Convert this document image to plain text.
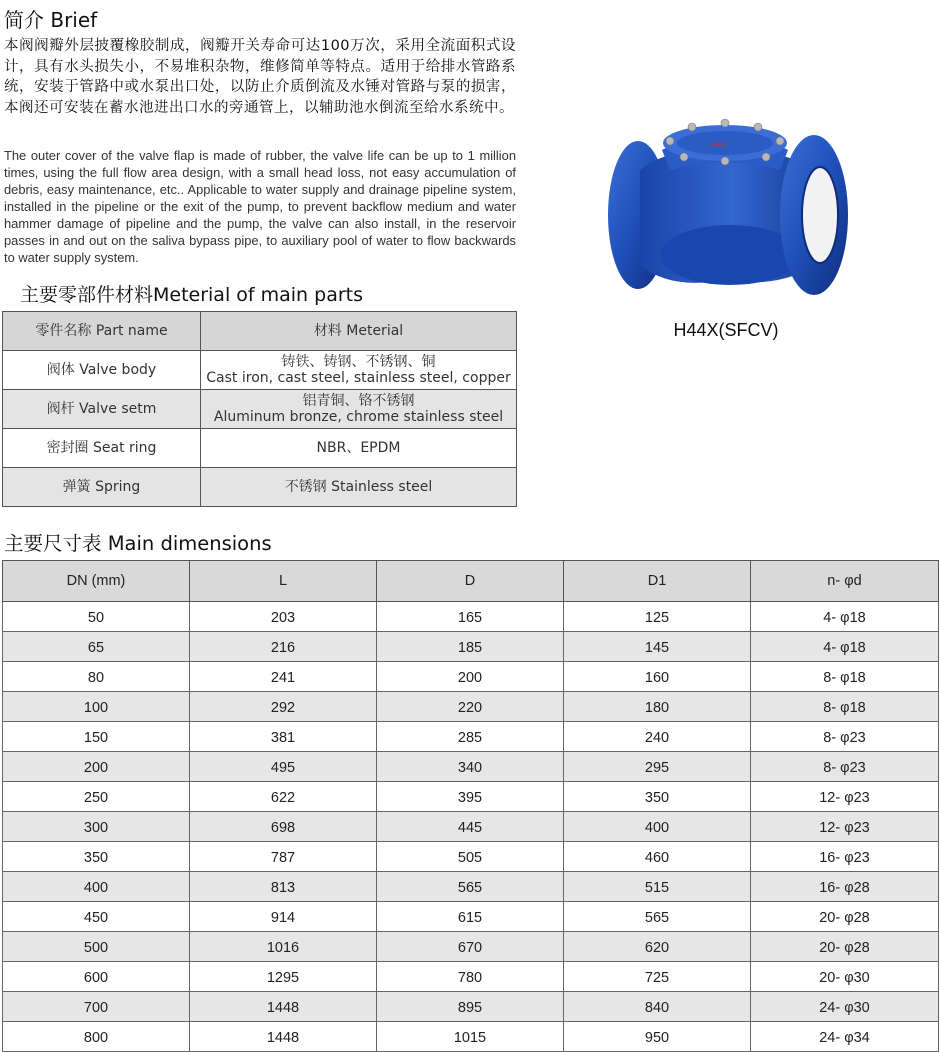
简介 Brief
本阀阀瓣外层披覆橡胶制成，阀瓣开关寿命可达100万次，采用全流面积式设计，具有水头损失小，不易堆积杂物，维修简单等特点。适用于给排水管路系统，安装于管路中或水泵出口处，以防止介质倒流及水锤对管路与泵的损害，本阀还可安装在蓄水池进出口水的旁通管上，以辅助池水倒流至给水系统中。
The outer cover of the valve flap is made of rubber, the valve life can be up to 1 million times, using the full flow area design, with a small head loss, not easy accumulation of debris, easy maintenance, etc.. Applicable to water supply and drainage pipeline system, installed in the pipeline or the exit of the pump, to prevent backflow medium and water hammer damage of pipeline and the pump, the valve can also install, in the reservoir passes in and out on the saliva bypass pipe, to auxiliary pool of water to flow backwards to water supply system.
H44X
H44X(SFCV)
主要零部件材料Meterial of main parts
零件名称 Part name	材料 Meterial
阀体 Valve body	铸铁、铸钢、不锈钢、铜
Cast iron, cast steel, stainless steel, copper

阀杆 Valve setm	铝青铜、铬不锈钢
Aluminum bronze, chrome stainless steel

密封圈 Seat ring	NBR、EPDM

弹簧 Spring	不锈钢 Stainless steel
主要尺寸表 Main dimensions
DN (mm)	L	D	D1	n- φd
50	203	165	125	4- φ18
65	216	185	145	4- φ18
80	241	200	160	8- φ18
100	292	220	180	8- φ18
150	381	285	240	8- φ23
200	495	340	295	8- φ23
250	622	395	350	12- φ23
300	698	445	400	12- φ23
350	787	505	460	16- φ23
400	813	565	515	16- φ28
450	914	615	565	20- φ28
500	1016	670	620	20- φ28
600	1295	780	725	20- φ30
700	1448	895	840	24- φ30
800	1448	1015	950	24- φ34
